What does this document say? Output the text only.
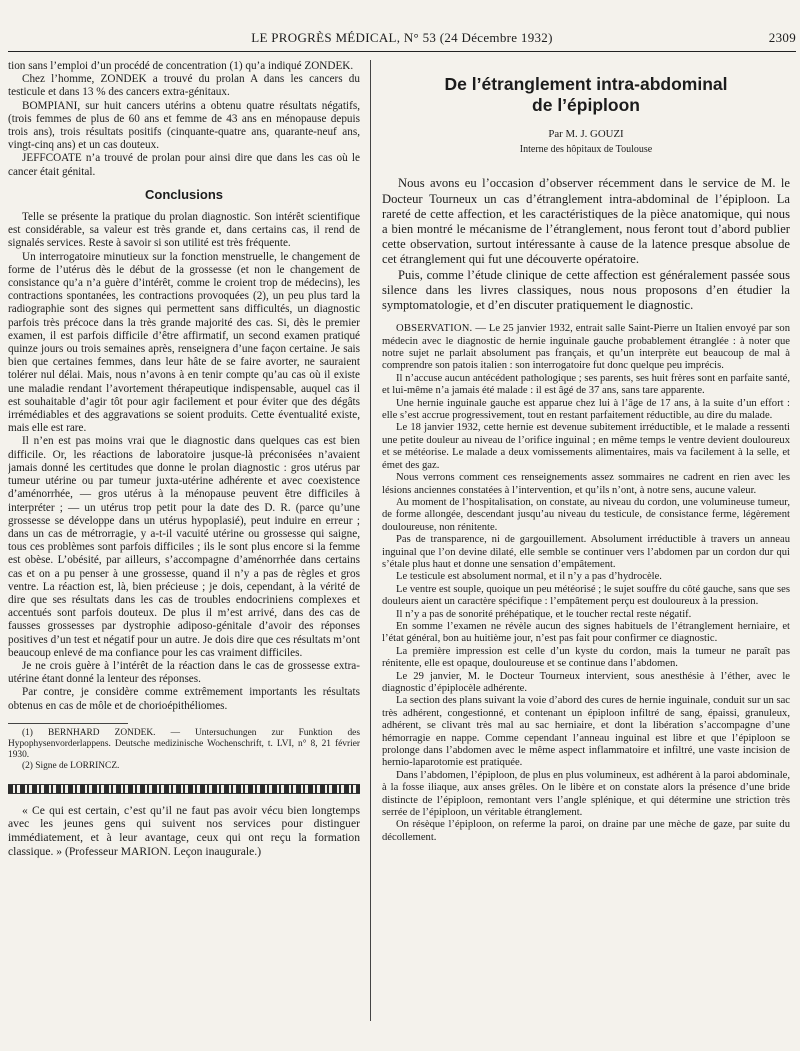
LE PROGRÈS MÉDICAL, N° 53 (24 Décembre 1932)	2309

tion sans l’emploi d’un procédé de concentration (1) qu’a indiqué ZONDEK.

Chez l’homme, ZONDEK a trouvé du prolan A dans les cancers du testicule et dans 13 % des cancers extra-génitaux.

BOMPIANI, sur huit cancers utérins a obtenu quatre résultats négatifs, (trois femmes de plus de 60 ans et femme de 43 ans en ménopause depuis trois ans), trois résultats positifs (cinquante-quatre ans, quarante-neuf ans, vingt-cinq ans) et un cas douteux.

JEFFCOATE n’a trouvé de prolan pour ainsi dire que dans les cas où le cancer était génital.

Conclusions

Telle se présente la pratique du prolan diagnostic. Son intérêt scientifique est considérable, sa valeur est très grande et, dans certains cas, il rend de signalés services. Reste à savoir si son utilité est très fréquente.

Un interrogatoire minutieux sur la fonction menstruelle, le changement de forme de l’utérus dès le début de la grossesse (et non le changement de consistance qu’a n’a guère d’intérêt, comme le croient trop de médecins), les contractions spontanées, les contractions provoquées (2), un peu plus tard la radiographie sont des signes qui permettent sans difficultés, un diagnostic parfois très précoce dans la très grande majorité des cas. Si, dès le premier examen, il est parfois difficile d’être affirmatif, un second examen pratiqué quinze jours ou trois semaines après, renseignera d’une façon certaine. Je sais bien que certaines femmes, dans leur hâte de se faire avorter, ne sauraient tolérer nul délai. Mais, nous n’avons à en tenir compte qu’au cas où il existe une maladie rendant l’avortement thérapeutique indispensable, auquel cas il est souhaitable d’agir tôt pour agir facilement et pour éviter que des dégâts irrémédiables et des aggravations se soient produits. Cette éventualité existe, mais elle est rare.

Il n’en est pas moins vrai que le diagnostic dans quelques cas est bien difficile. Or, les réactions de laboratoire jusque-là préconisées n’avaient jamais donné les certitudes que donne le prolan diagnostic : gros utérus par tumeur utérine ou par tumeur juxta-utérine adhérente et avec coexistence d’aménorrhée, — gros utérus à la ménopause peuvent être difficiles à interpréter ; — un utérus trop petit pour la date des D. R. (parce qu’une grossesse se développe dans un utérus hypoplasié), peut induire en erreur ; dans un cas de métrorragie, y a-t-il vacuité utérine ou grossesse qui saigne, tous ces problèmes sont parfois difficiles ; ils le sont plus encore si la femme est obèse. L’obésité, par ailleurs, s’accompagne d’aménorrhée dans certains cas et on a pu penser à une grossesse, quand il n’y a pas de règles et gros ventre. La réaction est, là, bien précieuse ; je dois, cependant, à la vérité de dire que ses résultats dans les cas de troubles endocriniens complexes et accentués sont parfois douteux. De plus il m’est arrivé, dans des cas de fausses grossesses par dystrophie adiposo-génitale d’avoir des réponses positives d’un test et négatif pour un autre. Je dois dire que ces résultats m’ont beaucoup enlevé de ma confiance pour les cas vraiment difficiles.

Je ne crois guère à l’intérêt de la réaction dans le cas de grossesse extra-utérine étant donné la lenteur des réponses.

Par contre, je considère comme extrêmement importants les résultats obtenus en cas de môle et de chorioépithéliomes.

(1) BERNHARD ZONDEK. — Untersuchungen zur Funktion des Hypophysenvorderlappens. Deutsche medizinische Wochenschrift, t. LVI, n° 8, 21 février 1930.

(2) Signe de LORRINCZ.

« Ce qui est certain, c’est qu’il ne faut pas avoir vécu bien longtemps avec les jeunes gens qui suivent nos services pour distinguer immédiatement, et à leur avantage, ceux qui ont reçu la formation classique. » (Professeur MARION. Leçon inaugurale.)

De l’étranglement intra-abdominal
de l’épiploon
Par M. J. GOUZI
Interne des hôpitaux de Toulouse

Nous avons eu l’occasion d’observer récemment dans le service de M. le Docteur Tourneux un cas d’étranglement intra-abdominal de l’épiploon. La rareté de cette affection, et les caractéristiques de la pièce anatomique, qui nous a bien montré le mécanisme de l’étranglement, nous feront tout d’abord publier cette observation, surtout intéressante à cause de la latence presque absolue de cet étranglement qui fut une découverte opératoire.

Puis, comme l’étude clinique de cette affection est généralement passée sous silence dans les livres classiques, nous nous proposons d’en étudier la symptomatologie, et d’en discuter pratiquement le diagnostic.

OBSERVATION. — Le 25 janvier 1932, entrait salle Saint-Pierre un Italien envoyé par son médecin avec le diagnostic de hernie inguinale gauche probablement étranglée : à noter que notre sujet ne parlait absolument pas français, et qu’un interprète eut beaucoup de mal à comprendre son patois italien : son interrogatoire fut donc quelque peu imprécis.

Il n’accuse aucun antécédent pathologique ; ses parents, ses huit frères sont en parfaite santé, et lui-même n’a jamais été malade : il est âgé de 37 ans, sans tare apparente.

Une hernie inguinale gauche est apparue chez lui à l’âge de 17 ans, à la suite d’un effort : elle s’est accrue progressivement, tout en restant parfaitement réductible, au dire du malade.

Le 18 janvier 1932, cette hernie est devenue subitement irréductible, et le malade a ressenti une petite douleur au niveau de l’orifice inguinal ; en même temps le ventre devient douloureux et se météorise. Le malade a deux vomissements alimentaires, mais va facilement à la selle, et émet des gaz.

Nous verrons comment ces renseignements assez sommaires ne cadrent en rien avec les lésions anciennes constatées à l’intervention, et qu’ils n’ont, à notre sens, aucune valeur.

Au moment de l’hospitalisation, on constate, au niveau du cordon, une volumineuse tumeur, de forme allongée, descendant jusqu’au niveau du testicule, de consistance ferme, légèrement douloureuse, non rénitente.

Pas de transparence, ni de gargouillement. Absolument irréductible à travers un anneau inguinal que l’on devine dilaté, elle semble se continuer vers l’abdomen par un cordon dur qui s’étale plus haut et donne une sensation d’empâtement.

Le testicule est absolument normal, et il n’y a pas d’hydrocèle.

Le ventre est souple, quoique un peu météorisé ; le sujet souffre du côté gauche, sans que ses douleurs aient un caractère spécifique : l’empâtement perçu est douloureux à la pression.

Il n’y a pas de sonorité préhépatique, et le toucher rectal reste négatif.

En somme l’examen ne révèle aucun des signes habituels de l’étranglement herniaire, et l’état général, bon au huitième jour, n’est pas fait pour confirmer ce diagnostic.

La première impression est celle d’un kyste du cordon, mais la tumeur ne paraît pas rénitente, elle est opaque, douloureuse et se continue dans l’abdomen.

Le 29 janvier, M. le Docteur Tourneux intervient, sous anesthésie à l’éther, avec le diagnostic d’épiplocèle adhérente.

La section des plans suivant la voie d’abord des cures de hernie inguinale, conduit sur un sac très adhérent, congestionné, et contenant un épiploon infiltré de sang, épaissi, granuleux, adhérent, se clivant très mal au sac herniaire, et dont la libération s’accompagne d’une hémorragie en nappe. Comme cependant l’anneau inguinal est libre et que l’épiploon se prolonge dans l’abdomen avec le même aspect inflammatoire et infiltré, une vaste incision de hernio-laparotomie est pratiquée.

Dans l’abdomen, l’épiploon, de plus en plus volumineux, est adhérent à la paroi abdominale, à la fosse iliaque, aux anses grêles. On le libère et on constate alors la présence d’une bride distincte de l’épiploon, remontant vers l’angle splénique, et qui détermine une striction très serrée de l’épiploon, un véritable étranglement.

On résèque l’épiploon, on referme la paroi, on draine par une mèche de gaze, par suite du décollement.
